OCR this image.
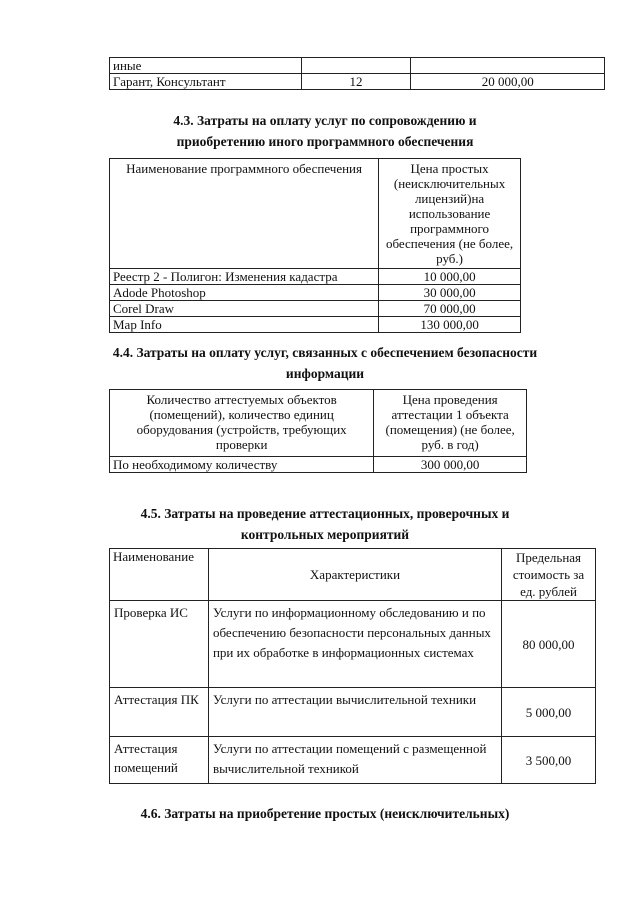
иные		
Гарант, Консультант	12	20 000,00
4.3. Затраты на оплату услуг по сопровождению и
приобретению иного программного обеспечения
Наименование программного обеспечения	Цена простых (неисключительных лицензий)на использование программного обеспечения (не более, руб.)
Реестр 2 - Полигон: Изменения кадастра	10 000,00
Adode Photoshop	30 000,00
Corel Draw	70 000,00
Map Info	130 000,00
4.4. Затраты на оплату услуг, связанных с обеспечением безопасности
информации
Количество аттестуемых объектов (помещений), количество единиц оборудования (устройств, требующих проверки	Цена проведения аттестации 1 объекта (помещения) (не более, руб. в год)
По необходимому количеству	300 000,00
4.5. Затраты на проведение аттестационных, проверочных и
контрольных мероприятий
Наименование	Характеристики	Предельная стоимость за ед. рублей
Проверка ИС	Услуги по информационному обследованию и по обеспечению безопасности персональных данных при их обработке в информационных системах	80 000,00
Аттестация ПК	Услуги по аттестации вычислительной техники	5 000,00
Аттестация помещений	Услуги по аттестации помещений с размещенной вычислительной техникой	3 500,00
4.6. Затраты на приобретение простых (неисключительных)
